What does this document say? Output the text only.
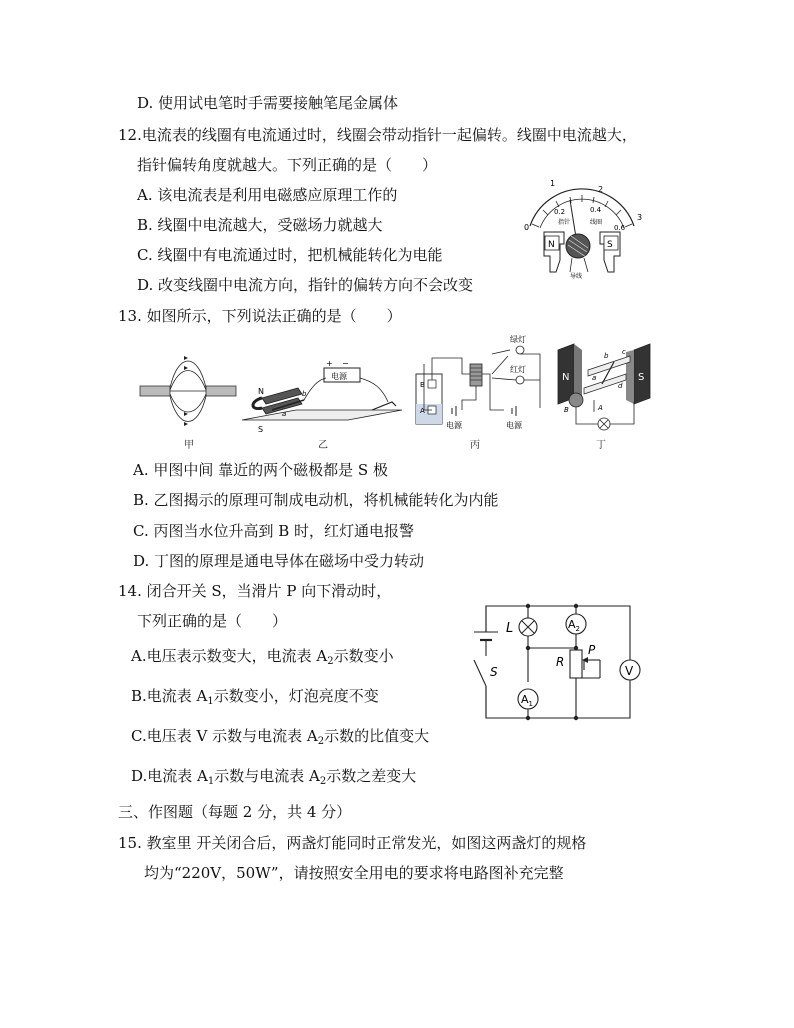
D. 使用试电笔时手需要接触笔尾金属体
12.电流表的线圈有电流通过时，线圈会带动指针一起偏转。线圈中电流越大，
指针偏转角度就越大。下列正确的是（　　）
A. 该电流表是利用电磁感应原理工作的
B. 线圈中电流越大，受磁场力就越大
C. 线圈中有电流通过时，把机械能转化为电能
D. 改变线圈中电流方向，指针的偏转方向不会改变
0
1
2
3
0.2	0.4
0.6
指针	线圈
N	S
导线
13. 如图所示，下列说法正确的是（　　）
甲
电源
+ −
N
S
a
b
乙
绿灯
红灯
B
A
电源	电源
丙
N	S
b c
d
a
B	A
丁
A. 甲图中间 靠近的两个磁极都是 S 极
B. 乙图揭示的原理可制成电动机，将机械能转化为内能
C. 丙图当水位升高到 B 时，红灯通电报警
D. 丁图的原理是通电导体在磁场中受力转动
14. 闭合开关 S，当滑片 P 向下滑动时，
下列正确的是（　　）
A.电压表示数变大，电流表 $A_2$示数变小
B.电流表 $A_1$示数变小，灯泡亮度不变
C.电压表 V 示数与电流表 $A_2$示数的比值变大
D.电流表 $A_1$示数与电流表 $A_2$示数之差变大
S
L	$A_2$
R
P
$A_1$
V
三、作图题（每题 2 分，共 4 分）
15. 教室里 开关闭合后，两盏灯能同时正常发光，如图这两盏灯的规格
均为“220V，50W”，请按照安全用电的要求将电路图补充完整
